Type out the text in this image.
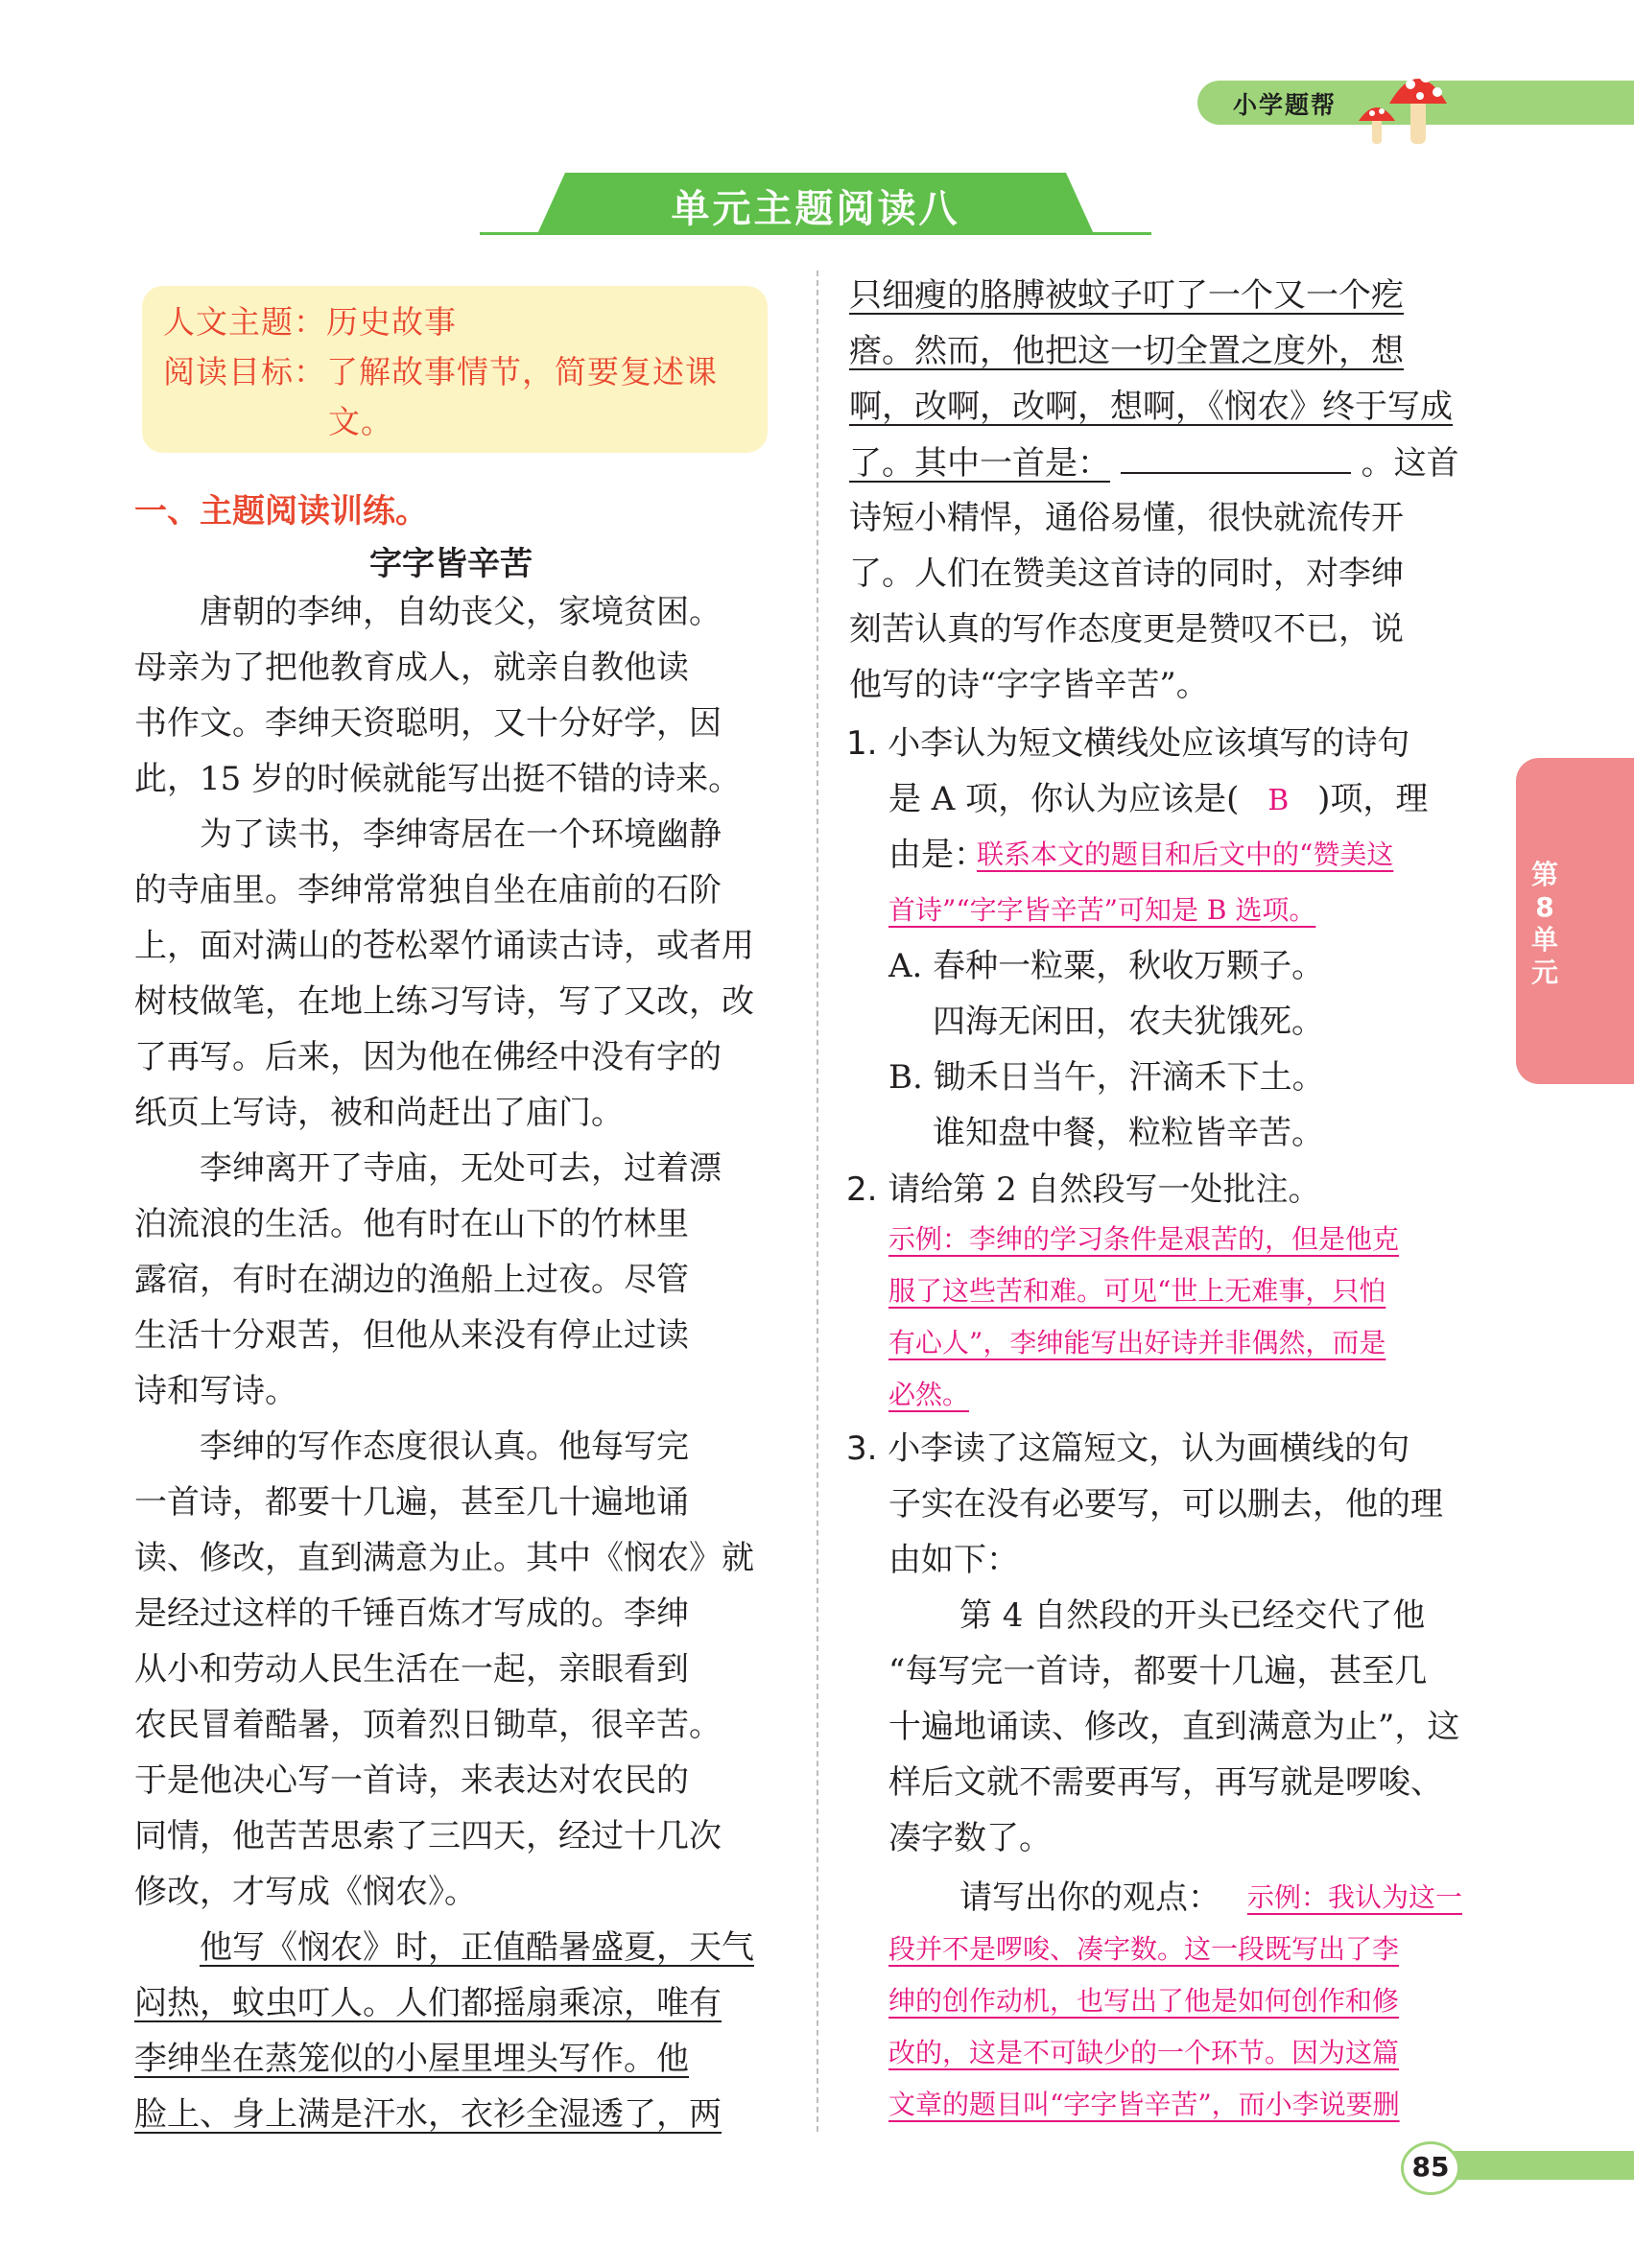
小学题帮
单元主题阅读八
人文主题：历史故事
阅读目标：了解故事情节，简要复述课
文。
一、主题阅读训练。
字字皆辛苦
唐朝的李绅，自幼丧父，家境贫困。
母亲为了把他教育成人，就亲自教他读
书作文。李绅天资聪明，又十分好学，因
此，15 岁的时候就能写出挺不错的诗来。
为了读书，李绅寄居在一个环境幽静
的寺庙里。李绅常常独自坐在庙前的石阶
上，面对满山的苍松翠竹诵读古诗，或者用
树枝做笔，在地上练习写诗，写了又改，改
了再写。后来，因为他在佛经中没有字的
纸页上写诗，被和尚赶出了庙门。
李绅离开了寺庙，无处可去，过着漂
泊流浪的生活。他有时在山下的竹林里
露宿，有时在湖边的渔船上过夜。尽管
生活十分艰苦，但他从来没有停止过读
诗和写诗。
李绅的写作态度很认真。他每写完
一首诗，都要十几遍，甚至几十遍地诵
读、修改，直到满意为止。其中《悯农》就
是经过这样的千锤百炼才写成的。李绅
从小和劳动人民生活在一起，亲眼看到
农民冒着酷暑，顶着烈日锄草，很辛苦。
于是他决心写一首诗，来表达对农民的
同情，他苦苦思索了三四天，经过十几次
修改，才写成《悯农》。
他写《悯农》时，正值酷暑盛夏，天气
闷热，蚊虫叮人。人们都摇扇乘凉，唯有
李绅坐在蒸笼似的小屋里埋头写作。他
脸上、身上满是汗水，衣衫全湿透了，两
只细瘦的胳膊被蚊子叮了一个又一个疙
瘩。然而，他把这一切全置之度外，想
啊，改啊，改啊，想啊，《悯农》终于写成
了。其中一首是：	。这首
诗短小精悍，通俗易懂，很快就流传开
了。人们在赞美这首诗的同时，对李绅
刻苦认真的写作态度更是赞叹不已，说
他写的诗“字字皆辛苦”。
1. 小李认为短文横线处应该填写的诗句
是 A 项，你认为应该是( B )项，理
由是：
联系本文的题目和后文中的“赞美这
首诗”“字字皆辛苦”可知是 B 选项。
A. 春种一粒粟，秋收万颗子。
四海无闲田，农夫犹饿死。
B. 锄禾日当午，汗滴禾下土。
谁知盘中餐，粒粒皆辛苦。
2. 请给第 2 自然段写一处批注。
示例：李绅的学习条件是艰苦的，但是他克
服了这些苦和难。可见“世上无难事，只怕
有心人”，李绅能写出好诗并非偶然，而是
必然。
3. 小李读了这篇短文，认为画横线的句
子实在没有必要写，可以删去，他的理
由如下：
第 4 自然段的开头已经交代了他
“每写完一首诗，都要十几遍，甚至几
十遍地诵读、修改，直到满意为止”，这
样后文就不需要再写，再写就是啰唆、
凑字数了。
请写出你的观点： 示例：我认为这一
段并不是啰唆、凑字数。这一段既写出了李
绅的创作动机，也写出了他是如何创作和修
改的，这是不可缺少的一个环节。因为这篇
文章的题目叫“字字皆辛苦”，而小李说要删
第8单元
85
